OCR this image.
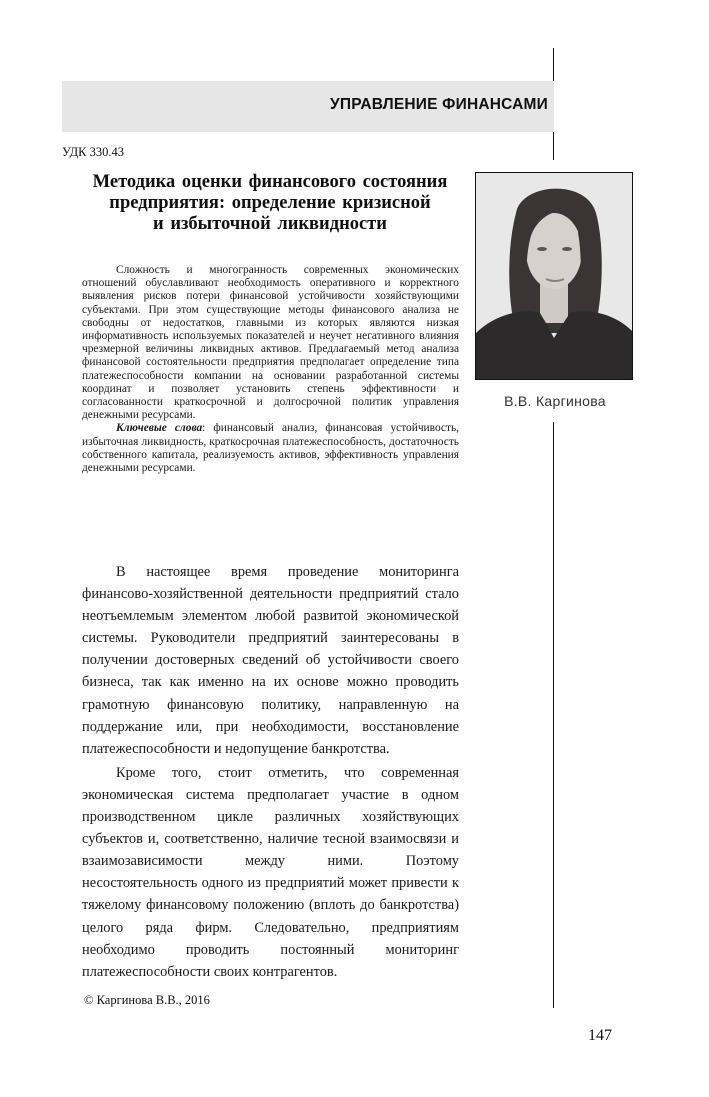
УПРАВЛЕНИЕ ФИНАНСАМИ
УДК 330.43
Методика оценки финансового состояния
предприятия: определение кризисной
и избыточной ликвидности
В.В. Каргинова

Сложность и многогранность современных экономических отношений обуславливают необходимость оперативного и корректного выявления рисков потери финансовой устойчивости хозяйствующими субъектами. При этом существующие методы финансового анализа не свободны от недостатков, главными из которых являются низкая информативность используемых показателей и неучет негативного влияния чрезмерной величины ликвидных активов. Предлагаемый метод анализа финансовой состоятельности предприятия предполагает определение типа платежеспособности компании на основании разработанной системы координат и позволяет установить степень эффективности и согласованности краткосрочной и долгосрочной политик управления денежными ресурсами.

Ключевые слова: финансовый анализ, финансовая устойчивость, избыточная ликвидность, краткосрочная платежеспособность, достаточность собственного капитала, реализуемость активов, эффективность управления денежными ресурсами.

В настоящее время проведение мониторинга финансово-хозяйственной деятельности предприятий стало неотъемлемым элементом любой развитой экономической системы. Руководители предприятий заинтересованы в получении достоверных сведений об устойчивости своего бизнеса, так как именно на их основе можно проводить грамотную финансовую политику, направленную на поддержание или, при необходимости, восстановление платежеспособности и недопущение банкротства.

Кроме того, стоит отметить, что современная экономическая система предполагает участие в одном производственном цикле различных хозяйствующих субъектов и, соответственно, наличие тесной взаимосвязи и взаимозависимости между ними. Поэтому несостоятельность одного из предприятий может привести к тяжелому финансовому положению (вплоть до банкротства) целого ряда фирм. Следовательно, предприятиям необходимо проводить постоянный мониторинг платежеспособности своих контрагентов.

© Каргинова В.В., 2016
147
